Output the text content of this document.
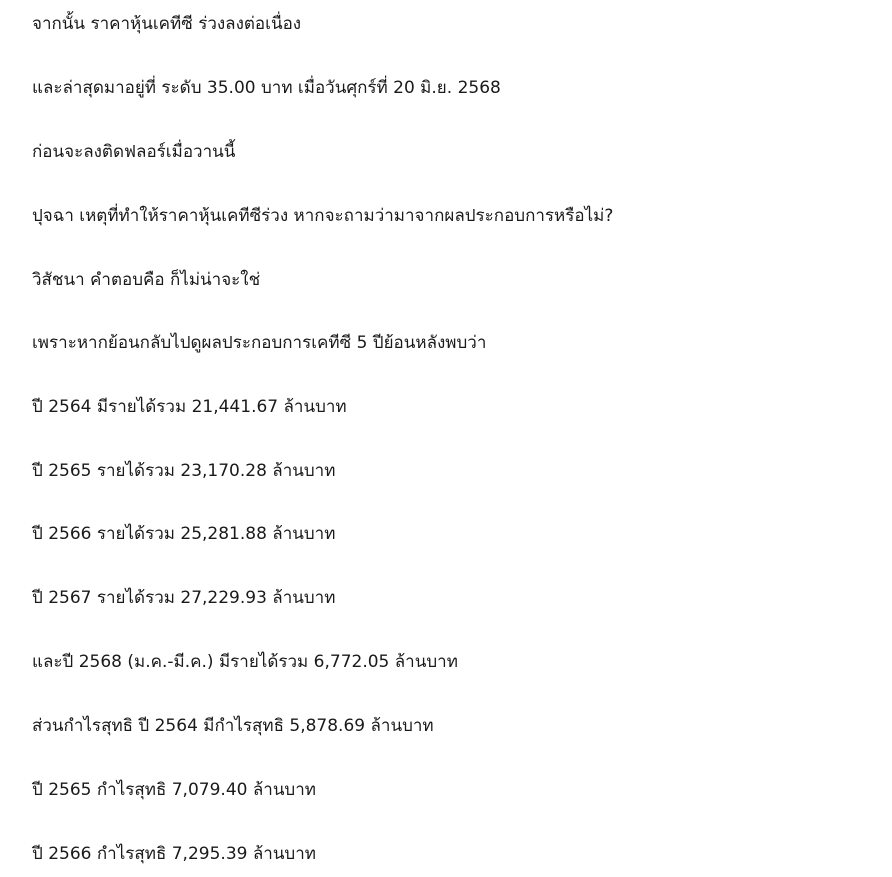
จากนั้น ราคาหุ้นเคทีซี ร่วงลงต่อเนื่อง

และล่าสุดมาอยู่ที่ ระดับ 35.00 บาท เมื่อวันศุกร์ที่ 20 มิ.ย. 2568

ก่อนจะลงติดฟลอร์เมื่อวานนี้

ปุจฉา เหตุที่ทำให้ราคาหุ้นเคทีซีร่วง หากจะถามว่ามาจากผลประกอบการหรือไม่?

วิสัชนา คำตอบคือ ก็ไม่น่าจะใช่

เพราะหากย้อนกลับไปดูผลประกอบการเคทีซี 5 ปีย้อนหลังพบว่า

ปี 2564 มีรายได้รวม 21,441.67 ล้านบาท

ปี 2565 รายได้รวม 23,170.28 ล้านบาท

ปี 2566 รายได้รวม 25,281.88 ล้านบาท

ปี 2567 รายได้รวม 27,229.93 ล้านบาท

และปี 2568 (ม.ค.-มี.ค.) มีรายได้รวม 6,772.05 ล้านบาท

ส่วนกำไรสุทธิ ปี 2564 มีกำไรสุทธิ 5,878.69 ล้านบาท

ปี 2565 กำไรสุทธิ 7,079.40 ล้านบาท

ปี 2566 กำไรสุทธิ 7,295.39 ล้านบาท
